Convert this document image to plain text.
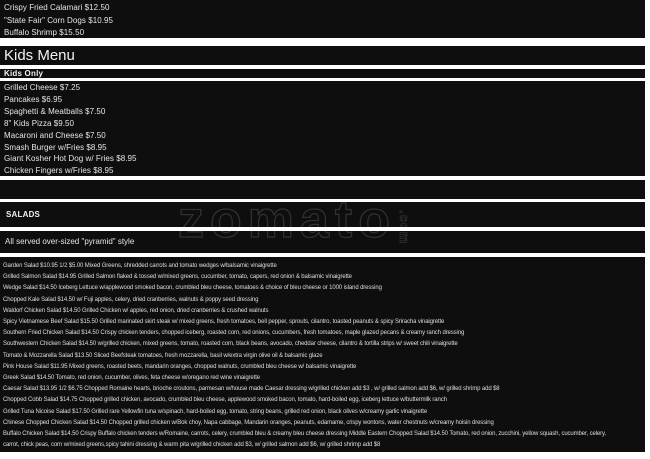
Crispy Fried Calamari $12.50
"State Fair" Corn Dogs $10.95
Buffalo Shrimp $15.50
Kids Menu
Kids Only
Grilled Cheese $7.25
Pancakes $6.95
Spaghetti & Meatballs $7.50
8" Kids Pizza $9.50
Macaroni and Cheese $7.50
Smash Burger w/Fries $8.95
Giant Kosher Hot Dog w/ Fries $8.95
Chicken Fingers w/Fries $8.95
SALADS
All served over-sized "pyramid" style
Garden Salad $10.95 1/2 $5.00 Mixed Greens, shredded carrots and tomato wedges w/balsamic vinaigrette
Grilled Salmon Salad $14.95 Grilled Salmon flaked & tossed w/mixed greens, cucumber, tomato, capers, red onion & balsamic vinaigrette
Wedge Salad $14.50 Iceberg Lettuce w/applewood smoked bacon, crumbled bleu cheese, tomatoes & choice of bleu cheese or 1000 island dressing
Chopped Kale Salad $14.50 w/ Fuji apples, celery, dried cranberries, walnuts & poppy seed dressing
Waldorf Chicken Salad $14.50 Grilled Chicken w/ apples, red onion, dried cranberries & crushed walnuts
Spicy Vietnamese Beef Salad $15.50 Grilled marinated skirt steak w/ mixed greens, fresh tomatoes, bell pepper, sprouts, cilantro, toasted peanuts & spicy Sriracha vinaigrette
Southern Fried Chicken Salad $14.50 Crispy chicken tenders, chopped iceberg, roasted corn, red onions, cucumbers, fresh tomatoes, maple glazed pecans & creamy ranch dressing
Southwestern Chicken Salad $14.50 w/grilled chicken, mixed greens, tomato, roasted corn, black beans, avocado, cheddar cheese, cilantro & tortilla strips w/ sweet chili vinaigrette
Tomato & Mozzarella Salad $13.50 Sliced Beefsteak tomatoes, fresh mozzarella, basil w/extra virgin olive oil & balsamic glaze
Pink House Salad $11.95 Mixed greens, roasted beets, mandarin oranges, chopped walnuts, crumbled bleu cheese w/ balsamic vinaigrette
Greek Salad $14.50 Tomato, red onion, cucumber, olives, feta cheese w/oregano red wine vinaigrette
Caesar Salad $13.95 1/2 $6.75 Chopped Romaine hearts, brioche croutons, parmesan w/house made Caesar dressing w/grilled chicken add $3 , w/ grilled salmon add $6, w/ grilled shrimp add $8
Chopped Cobb Salad $14.75 Chopped grilled chicken, avocado, crumbled bleu cheese, applewood smoked bacon, tomato, hard-boiled egg, iceberg lettuce w/buttermilk ranch
Grilled Tuna Nicoise Salad $17.50 Grilled rare Yellowfin tuna w/spinach, hard-boiled egg, tomato, string beans, grilled red onion, black olives w/creamy garlic vinaigrette
Chinese Chopped Chicken Salad $14.50 Chopped grilled chicken w/Bok choy, Napa cabbage, Mandarin oranges, peanuts, edamame, crispy wontons, water chestnuts w/creamy hoisin dressing
Buffalo Chicken Salad $14.50 Crispy Buffalo chicken tenders w/Romaine, carrots, celery, crumbled bleu & creamy bleu cheese dressing Middle Eastern Chopped Salad $14.50 Tomato, red onion, zucchini, yellow squash, cucumber, celery,
carrot, chick peas, corn w/mixed greens,spicy tahini dressing & warm pita w/grilled chicken add $3, w/ grilled salmon add $6, w/ grilled shrimp add $8
.com
